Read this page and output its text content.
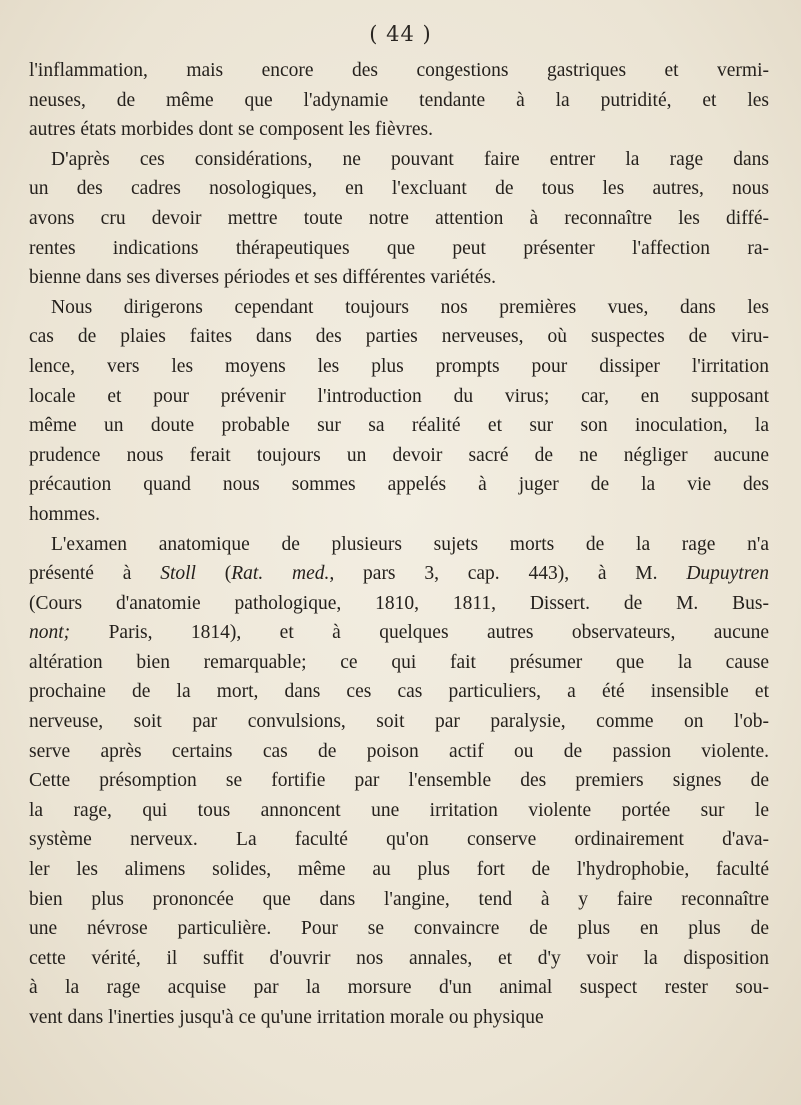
( 44 )
l'inflammation, mais encore des congestions gastriques et vermi-
neuses, de même que l'adynamie tendante à la putridité, et les
autres états morbides dont se composent les fièvres.
D'après ces considérations, ne pouvant faire entrer la rage dans
un des cadres nosologiques, en l'excluant de tous les autres, nous
avons cru devoir mettre toute notre attention à reconnaître les diffé-
rentes indications thérapeutiques que peut présenter l'affection ra-
bienne dans ses diverses périodes et ses différentes variétés.
Nous dirigerons cependant toujours nos premières vues, dans les
cas de plaies faites dans des parties nerveuses, où suspectes de viru-
lence, vers les moyens les plus prompts pour dissiper l'irritation
locale et pour prévenir l'introduction du virus; car, en supposant
même un doute probable sur sa réalité et sur son inoculation, la
prudence nous ferait toujours un devoir sacré de ne négliger aucune
précaution quand nous sommes appelés à juger de la vie des
hommes.
L'examen anatomique de plusieurs sujets morts de la rage n'a
présenté à Stoll (Rat. med., pars 3, cap. 443), à M. Dupuytren
(Cours d'anatomie pathologique, 1810, 1811, Dissert. de M. Bus-
nont; Paris, 1814), et à quelques autres observateurs, aucune
altération bien remarquable; ce qui fait présumer que la cause
prochaine de la mort, dans ces cas particuliers, a été insensible et
nerveuse, soit par convulsions, soit par paralysie, comme on l'ob-
serve après certains cas de poison actif ou de passion violente.
Cette présomption se fortifie par l'ensemble des premiers signes de
la rage, qui tous annoncent une irritation violente portée sur le
système nerveux. La faculté qu'on conserve ordinairement d'ava-
ler les alimens solides, même au plus fort de l'hydrophobie, faculté
bien plus prononcée que dans l'angine, tend à y faire reconnaître
une névrose particulière. Pour se convaincre de plus en plus de
cette vérité, il suffit d'ouvrir nos annales, et d'y voir la disposition
à la rage acquise par la morsure d'un animal suspect rester sou-
vent dans l'inerties jusqu'à ce qu'une irritation morale ou physique
